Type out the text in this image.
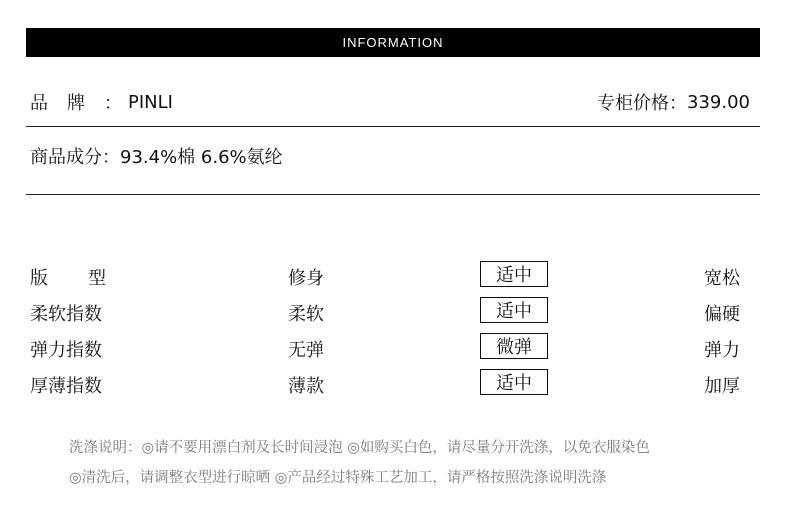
INFORMATION
品 牌 ： PINLI	专柜价格： 339.00
商品成分： 93.4%棉 6.6%氨纶
版型	修身	适中	宽松
柔软指数	柔软	适中	偏硬
弹力指数	无弹	微弹	弹力
厚薄指数	薄款	适中	加厚
洗涤说明：◎请不要用漂白剂及长时间浸泡 ◎如购买白色，请尽量分开洗涤，以免衣服染色
◎清洗后，请调整衣型进行晾晒 ◎产品经过特殊工艺加工，请严格按照洗涤说明洗涤
